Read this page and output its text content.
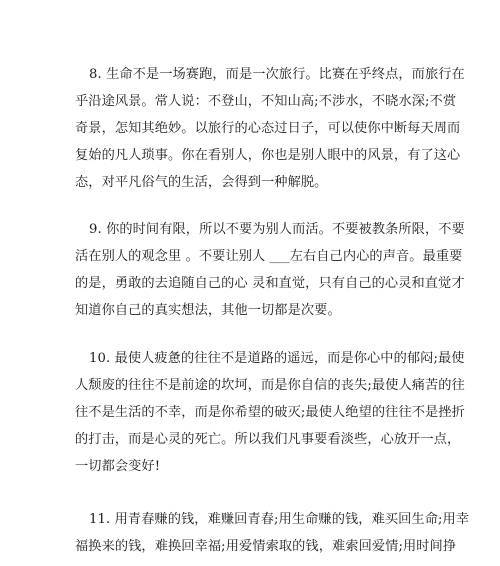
8. 生命不是一场赛跑，而是一次旅行。比赛在乎终点，而旅行在
乎沿途风景。常人说：不登山，不知山高;不涉水，不晓水深;不赏
奇景，怎知其绝妙。以旅行的心态过日子，可以使你中断每天周而
复始的凡人琐事。你在看别人，你也是别人眼中的风景，有了这心
态，对平凡俗气的生活，会得到一种解脱。

9. 你的时间有限，所以不要为别人而活。不要被教条所限，不要
活在别人的观念里 。不要让别人 ___左右自己内心的声音。最重要
的是，勇敢的去追随自己的心 灵和直觉，只有自己的心灵和直觉才
知道你自己的真实想法，其他一切都是次要。

10. 最使人疲惫的往往不是道路的遥远，而是你心中的郁闷;最使
人颓废的往往不是前途的坎坷，而是你自信的丧失;最使人痛苦的往
往不是生活的不幸，而是你希望的破灭;最使人绝望的往往不是挫折
的打击，而是心灵的死亡。所以我们凡事要看淡些，心放开一点，
一切都会变好!

11. 用青春赚的钱，难赚回青春;用生命赚的钱，难买回生命;用幸
福换来的钱，难换回幸福;用爱情索取的钱，难索回爱情;用时间挣
